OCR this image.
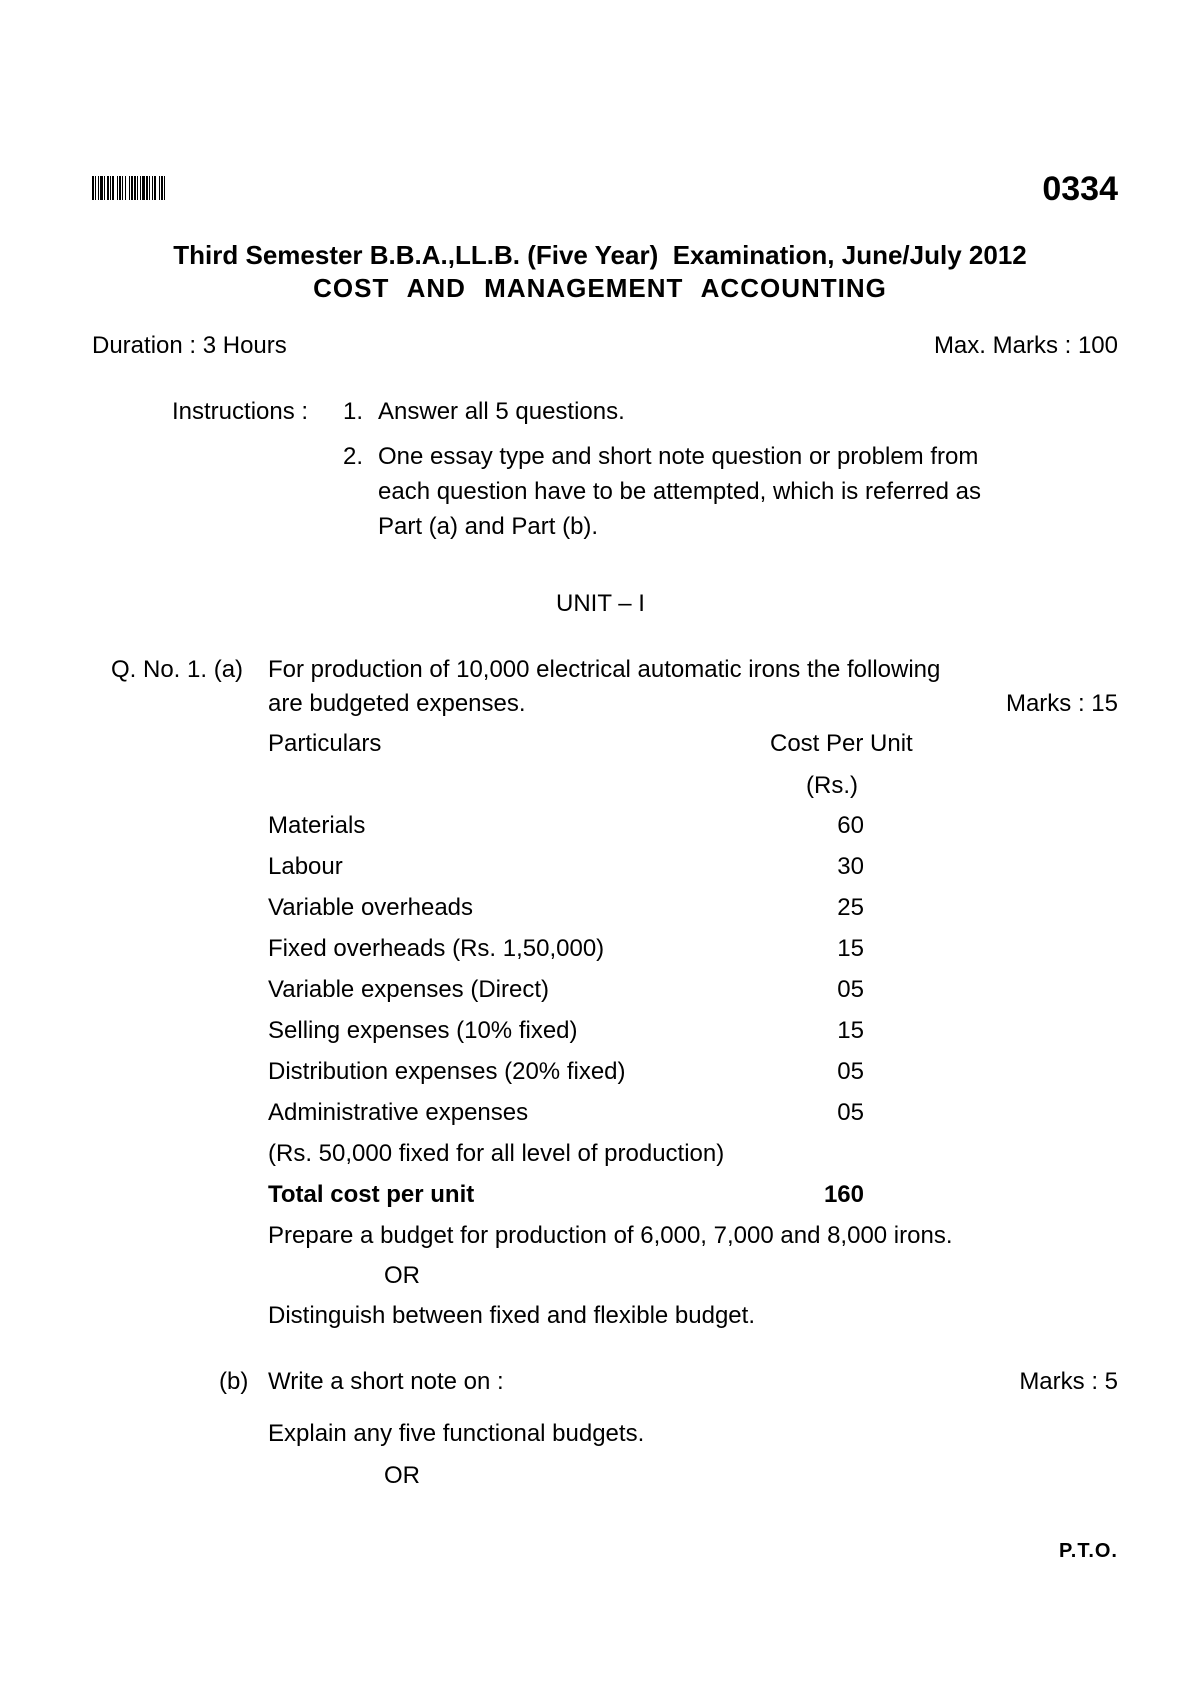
0334
Third Semester B.B.A.,LL.B. (Five Year)  Examination, June/July 2012
COST AND MANAGEMENT ACCOUNTING
Duration : 3 Hours	Max. Marks : 100
Instructions : 1. Answer all 5 questions.
2. One essay type and short note question or problem from
each question have to be attempted, which is referred as
Part (a) and Part (b).
UNIT – I
Q. No. 1. (a) For production of 10,000 electrical automatic irons the following
are budgeted expenses.	Marks : 15
Particulars	Cost Per Unit
(Rs.)
Materials	60
Labour	30
Variable overheads	25
Fixed overheads (Rs. 1,50,000)	15
Variable expenses (Direct)	05
Selling expenses (10% fixed)	15
Distribution expenses (20% fixed)	05
Administrative expenses	05
(Rs. 50,000 fixed for all level of production)
Total cost per unit	160
Prepare a budget for production of 6,000, 7,000 and 8,000 irons.
OR
Distinguish between fixed and flexible budget.
(b) Write a short note on :	Marks : 5
Explain any five functional budgets.
OR
P.T.O.
